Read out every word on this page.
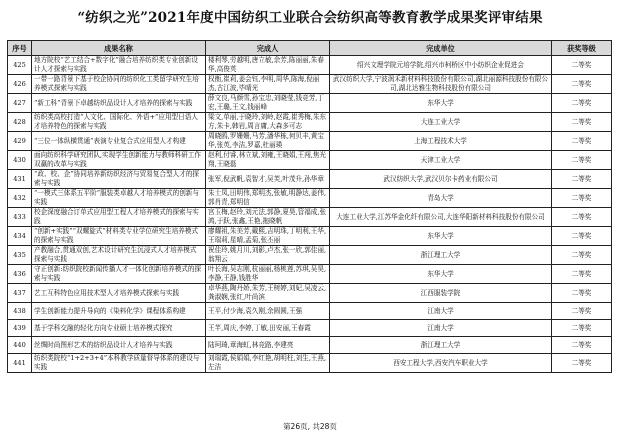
“纺织之光”2021年度中国纺织工业联合会纺织高等教育教学成果奖评审结果
序号	成果名称	完成人	完成单位	获奖等级

425	地方院校“艺工结合+数字化”融合培养纺织类专业创新设计人才探索与实践	楼利琴,劳越明,唐立敏,余芳,陈丽丽,朱春华,高俊英	绍兴文理学院元培学院,绍兴市柯桥区中小纺织企业促进会	二等奖

426	一带一路背景下基于校企协同的纺织化工类留学研究生培养模式探索与实践	权衡,崔莉,姜会钰,李明,周华,陈海,倪丽杰,古江波,毕晴光	武汉纺织大学,宁波润禾新材料科技股份有限公司,湖北丽源科技股份有限公司,湖北达雅生物科技股份有限公司	二等奖

427	“新工科”背景下卓越纺织品设计人才培养的探索与实践	薛文良,马颜雪,孙宝忠,刘晓莹,钱竞芳,丁宏,王璐,王文,钱丽峰	东华大学	二等奖

428	纺织类高校打造“人文化、国际化、外语+”应用型日语人才培养特色的探索与实践	梁文,单丽,于晓玲,刘岭,赵霞,崔秀梅,朱东方,朱卡,韩岩,周言庸,大森多可志	大连工业大学	二等奖

429	“三位一体纵横贯通”表演专业复合式应用型人才构建	周晓鸥,罗姗姗,马芳,潘华栋,何贝丰,黄宝华,张英,李洁,罗嘉,杜丽瑛	上海工程技术大学	二等奖

430	面向纺织科学研究团队,实现学生创新能力与教师科研工作双赢的改革与实践	赵利,付睿,林立斌,刘雍,王晓娟,王闯,焦光翔,王晓磊	天津工业大学	二等奖

431	“政、校、企”协同培养新纺织经济与贸易复合型人才的探索与实践	张军,倪武帆,袁智才,吴芙,叶茂升,孙华章	武汉纺织大学,武汉贝尔卡药业有限公司	二等奖

432	“一模式三体系五平阶”服装类卓越人才培养模式的创新与实践	朱士凤,田明伟,郑明杰,张敏,明静达,姜伟,郭肖青,郑明信	青岛大学	二等奖

433	校企深度融合订单式应用型工程人才培养模式的探索与实践	宫玉梅,赵玲,刘元法,郭静,夏昊,管福成,张鸿,于跃,张鑫,王艳,拖晓帆	大连工业大学,江苏华金化纤有限公司,大连华阳新材料科技股份有限公司	二等奖

434	“创新+实践”“双螺旋式”材料类专业学位研究生培养模式的探索与实践	廖耀祖,朱美芳,戴熙,吉明珠,丁明利,王华,王瑞莉,星晴,孟菊,张丕丽	东华大学	二等奖

435	产教融合,贯通双创,艺术设计研究生沉浸式人才培养模式探索与实践	祝佳玲,姚月川,刘影,卢杰,张一欣,郭佳丽,翁翔云	浙江理工大学	二等奖

436	守正创新:纺织院校新闻传播人才一体化创新培养模式的探索与实践	叶长海,吴志刚,杭丽丽,杨桃莲,苏琪,吴昊,李静,王静,钱胜华	东华大学	二等奖

437	艺工互科特色应用技术型人才培养模式探索与实践	卓华燕,陶丹娇,朱芳,王树婷,刘妃,吴凌云,龚淑娴,张红,叶尚滨	江西服装学院	二等奖

438	学生创新能力提升导向的《染料化学》课程体系构建	王平,付少海,袁久刚,余圆圆,王强	江南大学	二等奖

439	基于学科交融的轻化方向专业硕士培养模式探究	王芊,周庆,李婷,丁敏,田安丽,王春霞	江南大学	二等奖

440	丝绸时尚图形艺术的纺织品设计人才培养与实践	陆珂琦,章海虹,林竞路,李建亮	浙江理工大学	二等奖

441	纺织类院校“1+2+3+4”本科教学质量督导体系的建设与实践	刘瑞霞,侯娟娟,李红艳,胡明柱,刘生,王燕,左洁	西安工程大学,西安汽车职业大学	二等奖
第26页, 共28页
